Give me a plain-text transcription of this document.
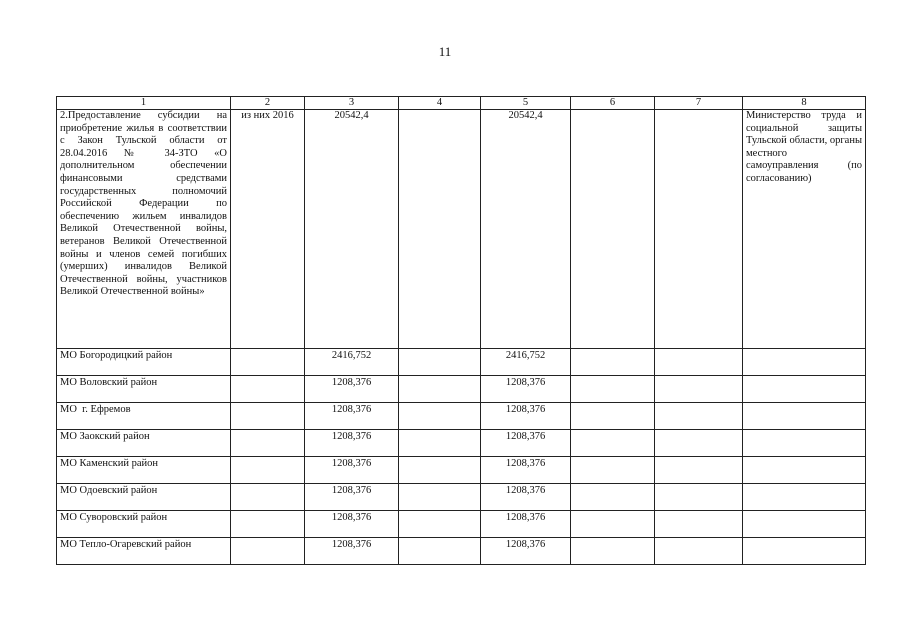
11
1	2	3	4	5	6	7	8
2.Предоставление субсидии на приобретение жилья в соответствии с Закон Тульской области от 28.04.2016 № 34-ЗТО «О дополнительном обеспечении финансовыми средствами государственных полномочий Российской Федерации по обеспечению жильем инвалидов Великой Отечественной войны, ветеранов Великой Отечественной войны и членов семей погибших (умерших) инвалидов Великой Отечественной войны, участников Великой Отечественной войны»	из них 2016	20542,4		20542,4			Министерство труда и социальной защиты Тульской области, органы местного самоуправления (по согласованию)
МО Богородицкий район		2416,752		2416,752			
МО Воловский район		1208,376		1208,376			
МО  г. Ефремов		1208,376		1208,376			
МО Заокский район		1208,376		1208,376			
МО Каменский район		1208,376		1208,376			
МО Одоевский район		1208,376		1208,376			
МО Суворовский район		1208,376		1208,376			
МО Тепло-Огаревский район		1208,376		1208,376			
